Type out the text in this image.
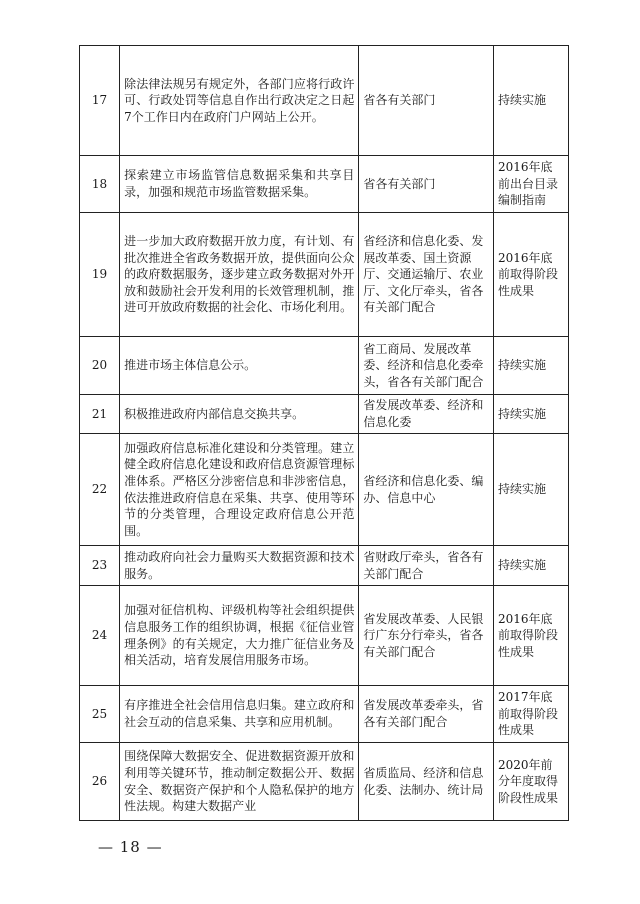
17	除法律法规另有规定外，各部门应将行政许可、行政处罚等信息自作出行政决定之日起7个工作日内在政府门户网站上公开。	省各有关部门	持续实施
18	探索建立市场监管信息数据采集和共享目录，加强和规范市场监管数据采集。	省各有关部门	2016年底前出台目录编制指南
19	进一步加大政府数据开放力度，有计划、有批次推进全省政务数据开放，提供面向公众的政府数据服务，逐步建立政务数据对外开放和鼓励社会开发利用的长效管理机制，推进可开放政府数据的社会化、市场化利用。	省经济和信息化委、发展改革委、国土资源厅、交通运输厅、农业厅、文化厅牵头，省各有关部门配合	2016年底前取得阶段性成果
20	推进市场主体信息公示。	省工商局、发展改革委、经济和信息化委牵头，省各有关部门配合	持续实施
21	积极推进政府内部信息交换共享。	省发展改革委、经济和信息化委	持续实施
22	加强政府信息标准化建设和分类管理。建立健全政府信息化建设和政府信息资源管理标准体系。严格区分涉密信息和非涉密信息，依法推进政府信息在采集、共享、使用等环节的分类管理，合理设定政府信息公开范围。	省经济和信息化委、编办、信息中心	持续实施
23	推动政府向社会力量购买大数据资源和技术服务。	省财政厅牵头，省各有关部门配合	持续实施
24	加强对征信机构、评级机构等社会组织提供信息服务工作的组织协调，根据《征信业管理条例》的有关规定，大力推广征信业务及相关活动，培育发展信用服务市场。	省发展改革委、人民银行广东分行牵头，省各有关部门配合	2016年底前取得阶段性成果
25	有序推进全社会信用信息归集。建立政府和社会互动的信息采集、共享和应用机制。	省发展改革委牵头，省各有关部门配合	2017年底前取得阶段性成果
26	围绕保障大数据安全、促进数据资源开放和利用等关键环节，推动制定数据公开、数据安全、数据资产保护和个人隐私保护的地方性法规。构建大数据产业	省质监局、经济和信息化委、法制办、统计局	2020年前分年度取得阶段性成果
— 18 —
